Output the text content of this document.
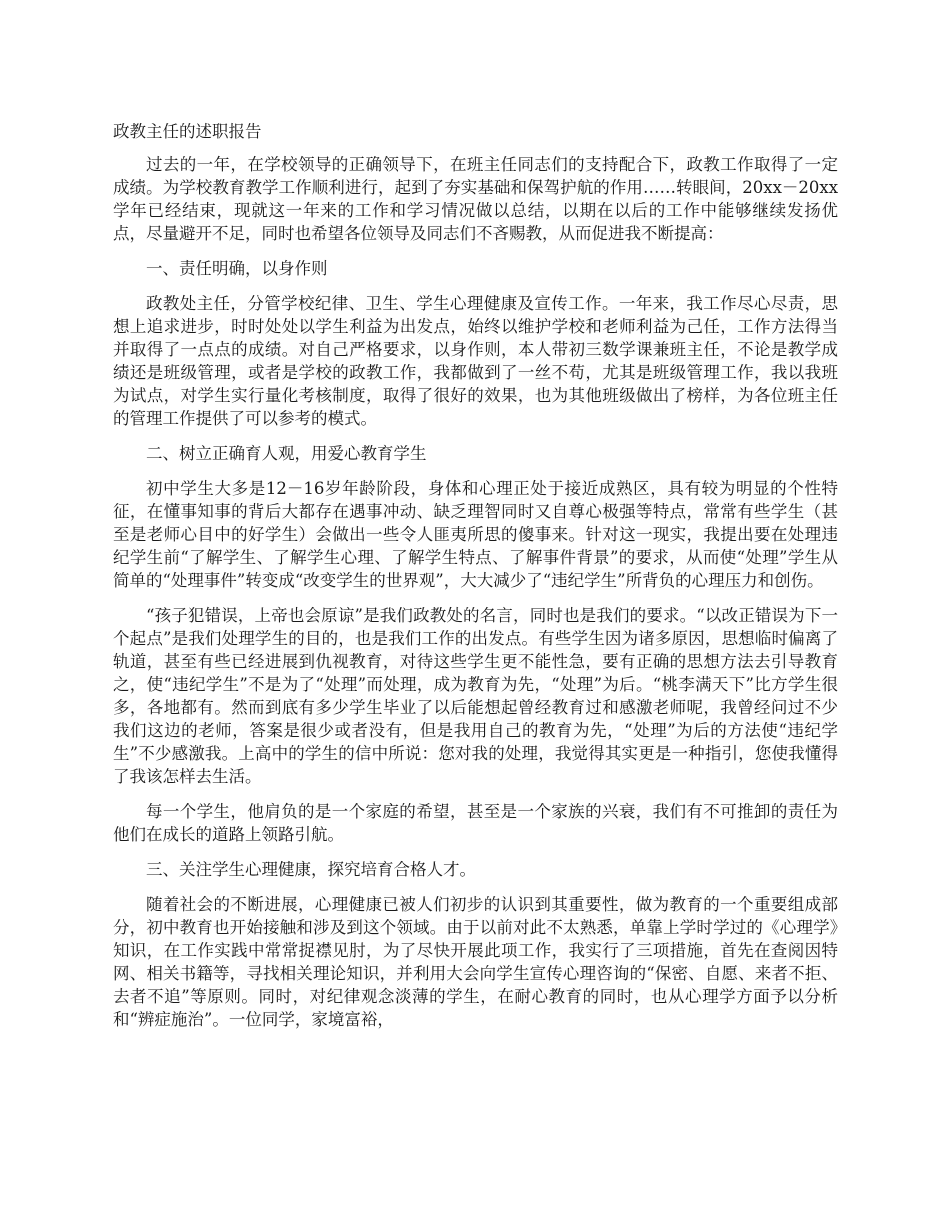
政教主任的述职报告

过去的一年，在学校领导的正确领导下，在班主任同志们的支持配合下，政教工作取得了一定成绩。为学校教育教学工作顺利进行，起到了夯实基础和保驾护航的作用……转眼间，20xx－20xx学年已经结束，现就这一年来的工作和学习情况做以总结，以期在以后的工作中能够继续发扬优点，尽量避开不足，同时也希望各位领导及同志们不吝赐教，从而促进我不断提高：

一、责任明确，以身作则

政教处主任，分管学校纪律、卫生、学生心理健康及宣传工作。一年来，我工作尽心尽责，思想上追求进步，时时处处以学生利益为出发点，始终以维护学校和老师利益为己任，工作方法得当并取得了一点点的成绩。对自己严格要求，以身作则，本人带初三数学课兼班主任，不论是教学成绩还是班级管理，或者是学校的政教工作，我都做到了一丝不苟，尤其是班级管理工作，我以我班为试点，对学生实行量化考核制度，取得了很好的效果，也为其他班级做出了榜样，为各位班主任的管理工作提供了可以参考的模式。

二、树立正确育人观，用爱心教育学生

初中学生大多是12－16岁年龄阶段，身体和心理正处于接近成熟区，具有较为明显的个性特征，在懂事知事的背后大都存在遇事冲动、缺乏理智同时又自尊心极强等特点，常常有些学生（甚至是老师心目中的好学生）会做出一些令人匪夷所思的傻事来。针对这一现实，我提出要在处理违纪学生前“了解学生、了解学生心理、了解学生特点、了解事件背景”的要求，从而使“处理”学生从简单的“处理事件”转变成“改变学生的世界观”，大大减少了“违纪学生”所背负的心理压力和创伤。

“孩子犯错误，上帝也会原谅”是我们政教处的名言，同时也是我们的要求。“以改正错误为下一个起点”是我们处理学生的目的，也是我们工作的出发点。有些学生因为诸多原因，思想临时偏离了轨道，甚至有些已经进展到仇视教育，对待这些学生更不能性急，要有正确的思想方法去引导教育之，使“违纪学生”不是为了“处理”而处理，成为教育为先，“处理”为后。“桃李满天下”比方学生很多，各地都有。然而到底有多少学生毕业了以后能想起曾经教育过和感激老师呢，我曾经问过不少我们这边的老师，答案是很少或者没有，但是我用自己的教育为先，“处理”为后的方法使“违纪学生”不少感激我。上高中的学生的信中所说：您对我的处理，我觉得其实更是一种指引，您使我懂得了我该怎样去生活。

每一个学生，他肩负的是一个家庭的希望，甚至是一个家族的兴衰，我们有不可推卸的责任为他们在成长的道路上领路引航。

三、关注学生心理健康，探究培育合格人才。

随着社会的不断进展，心理健康已被人们初步的认识到其重要性，做为教育的一个重要组成部分，初中教育也开始接触和涉及到这个领域。由于以前对此不太熟悉，单靠上学时学过的《心理学》知识，在工作实践中常常捉襟见肘，为了尽快开展此项工作，我实行了三项措施，首先在查阅因特网、相关书籍等，寻找相关理论知识，并利用大会向学生宣传心理咨询的“保密、自愿、来者不拒、去者不追”等原则。同时，对纪律观念淡薄的学生，在耐心教育的同时，也从心理学方面予以分析和“辨症施治”。一位同学，家境富裕，
